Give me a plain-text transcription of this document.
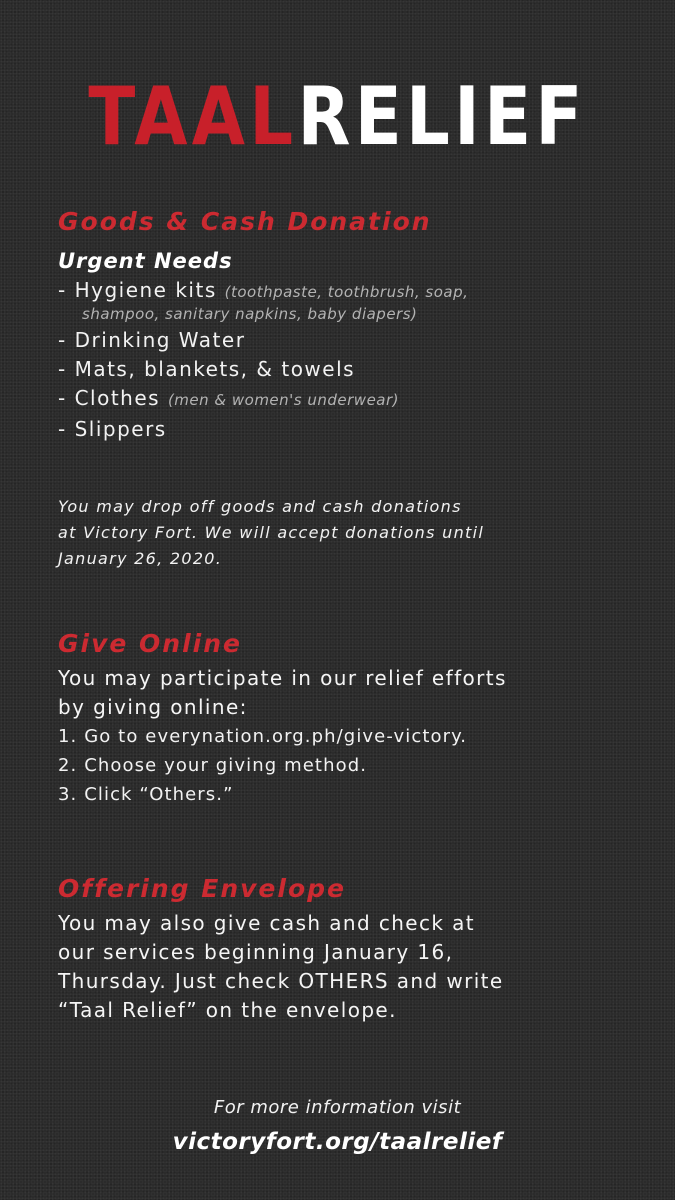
TAALRELIEF
Goods & Cash Donation
Urgent Needs
- Hygiene kits (toothpaste, toothbrush, soap,
shampoo, sanitary napkins, baby diapers)
- Drinking Water
- Mats, blankets, & towels
- Clothes (men & women's underwear)
- Slippers
You may drop off goods and cash donations
at Victory Fort. We will accept donations until
January 26, 2020.
Give Online
You may participate in our relief efforts
by giving online:
1. Go to everynation.org.ph/give-victory.
2. Choose your giving method.
3. Click “Others.”
Offering Envelope
You may also give cash and check at
our services beginning January 16,
Thursday. Just check OTHERS and write
“Taal Relief” on the envelope.
For more information visit
victoryfort.org/taalrelief
